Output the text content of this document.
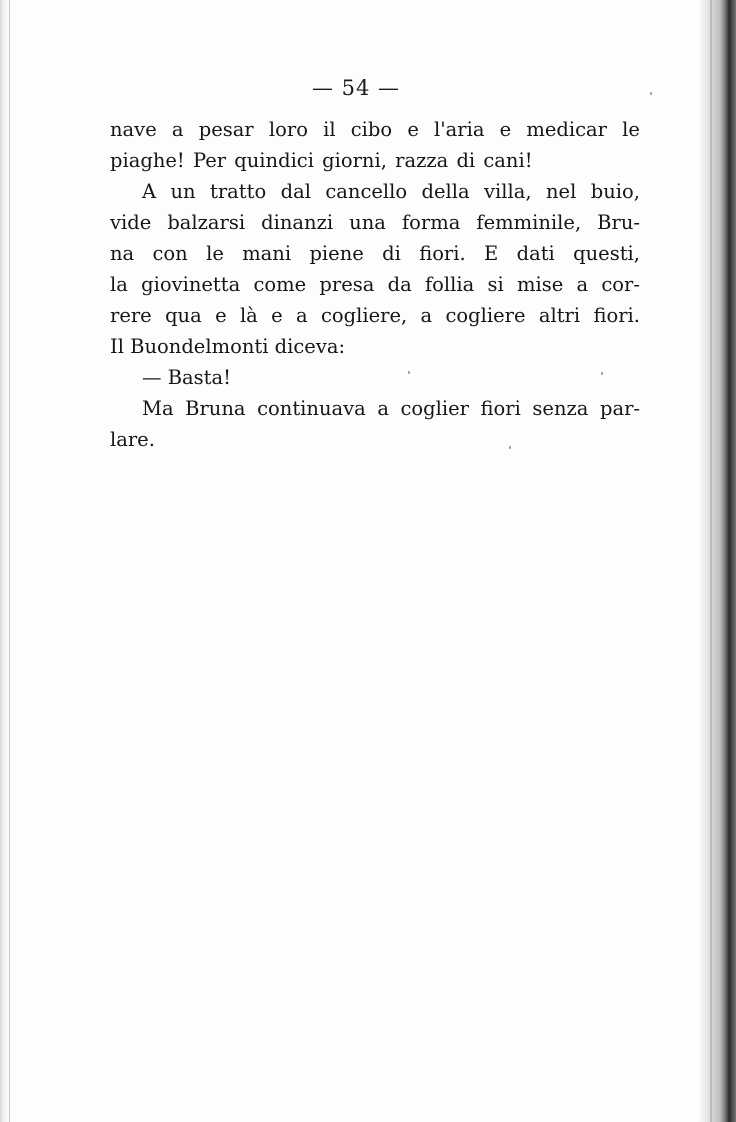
— 54 —
nave a pesar loro il cibo e l'aria e medicar le
piaghe! Per quindici giorni, razza di cani!
A un tratto dal cancello della villa, nel buio,
vide balzarsi dinanzi una forma femminile, Bru-
na con le mani piene di fiori. E dati questi,
la giovinetta come presa da follia si mise a cor-
rere qua e là e a cogliere, a cogliere altri fiori.
Il Buondelmonti diceva:
— Basta!
Ma Bruna continuava a coglier fiori senza par-
lare.
